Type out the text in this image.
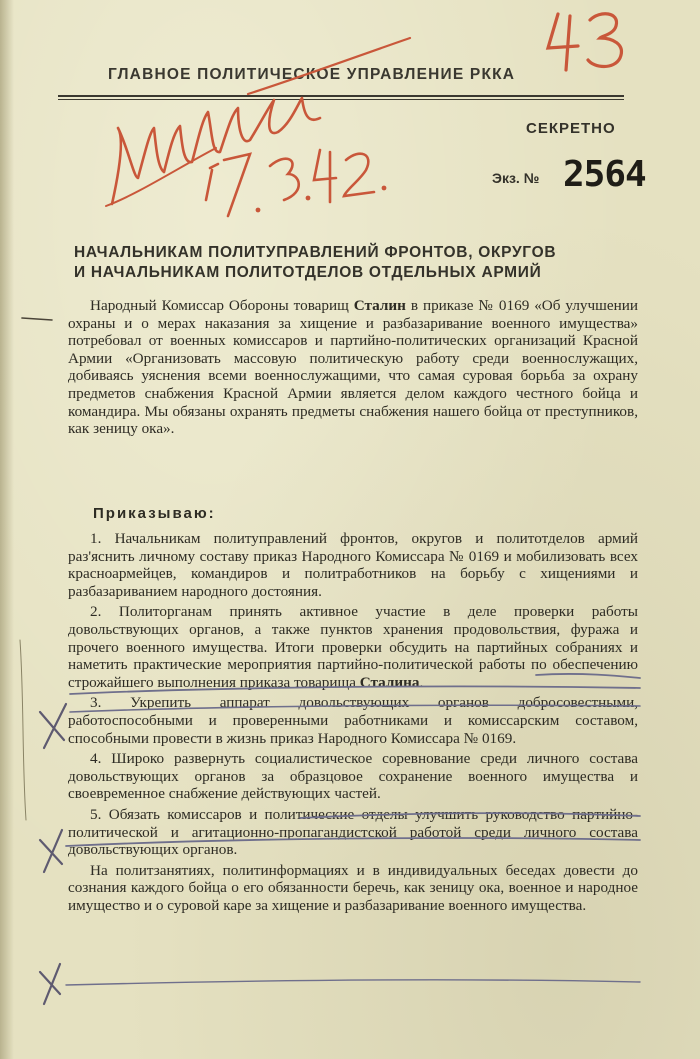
ГЛАВНОЕ ПОЛИТИЧЕСКОЕ УПРАВЛЕНИЕ РККА
СЕКРЕТНО
Экз. № 2564
НАЧАЛЬНИКАМ ПОЛИТУПРАВЛЕНИЙ ФРОНТОВ, ОКРУГОВ
И НАЧАЛЬНИКАМ ПОЛИТОТДЕЛОВ ОТДЕЛЬНЫХ АРМИЙ

Народный Комиссар Обороны товарищ Сталин в приказе № 0169 «Об улучшении охраны и о мерах наказания за хищение и разбазаривание военного имущества» потребовал от военных комиссаров и партийно-политических организаций Красной Армии «Организовать массовую политическую работу среди военнослужащих, добиваясь уяснения всеми военнослужащими, что самая суровая борьба за охрану предметов снабжения Красной Армии является делом каждого честного бойца и командира. Мы обязаны охранять предметы снабжения нашего бойца от преступников, как зеницу ока».

Приказываю:

1. Начальникам политуправлений фронтов, округов и политотделов армий раз'яснить личному составу приказ Народного Комиссара № 0169 и мобилизовать всех красноармейцев, командиров и политработников на борьбу с хищениями и разбазариванием народного достояния.

2. Политорганам принять активное участие в деле проверки работы довольствующих органов, а также пунктов хранения продовольствия, фуража и прочего военного имущества. Итоги проверки обсудить на партийных собраниях и наметить практические мероприятия партийно-политической работы по обеспечению строжайшего выполнения приказа товарища Сталина.

3. Укрепить аппарат довольствующих органов добросовестными, работоспособными и проверенными работниками и комиссарским составом, способными провести в жизнь приказ Народного Комиссара № 0169.

4. Широко развернуть социалистическое соревнование среди личного состава довольствующих органов за образцовое сохранение военного имущества и своевременное снабжение действующих частей.

5. Обязать комиссаров и политические отделы улучшить руководство партийно-политической и агитационно-пропагандистской работой среди личного состава довольствующих органов.

На политзанятиях, политинформациях и в индивидуальных беседах довести до сознания каждого бойца о его обязанности беречь, как зеницу ока, военное и народное имущество и о суровой каре за хищение и разбазаривание военного имущества.
